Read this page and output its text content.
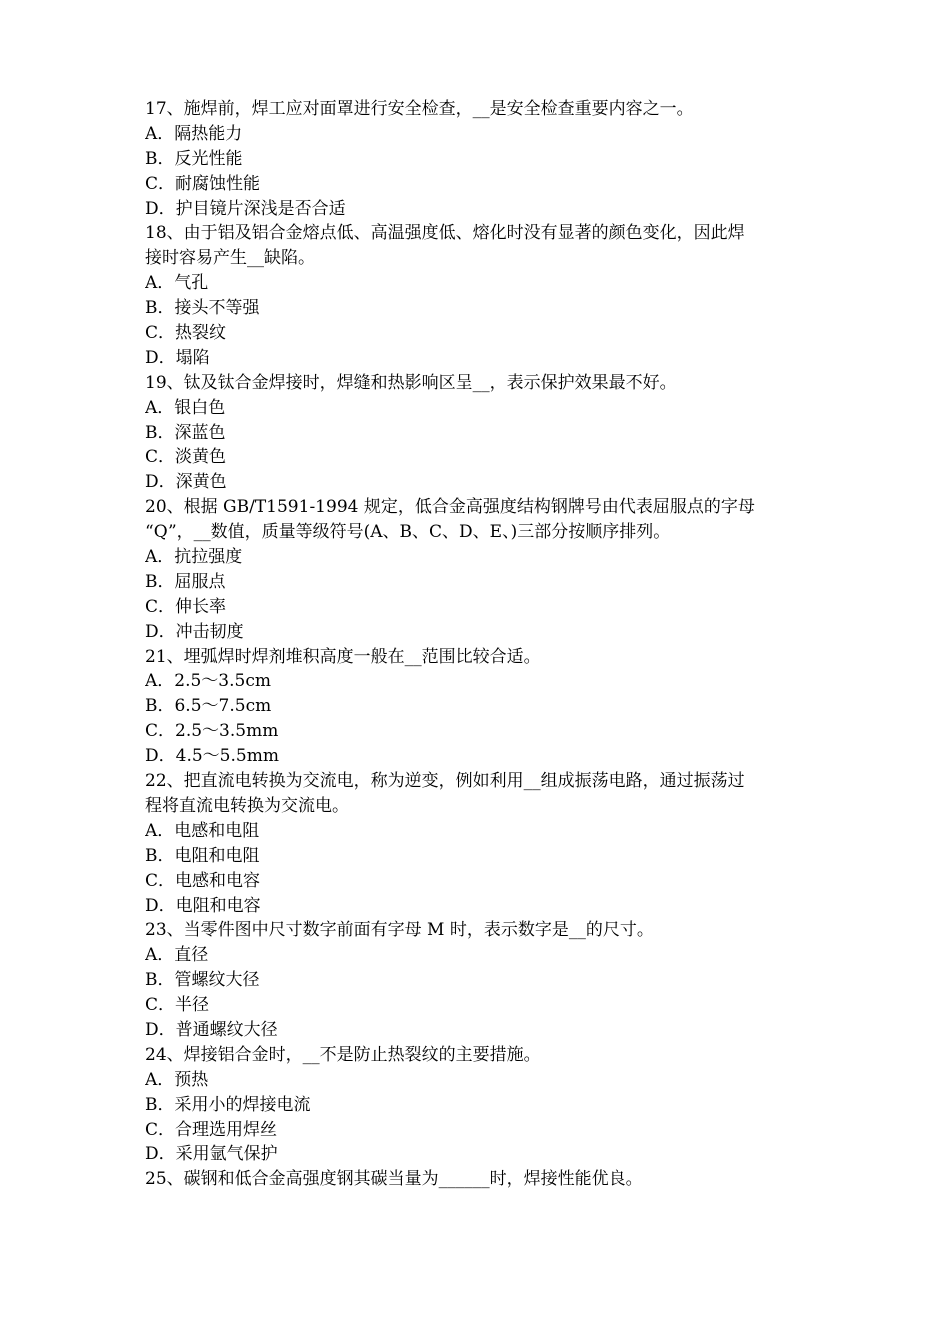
17、施焊前，焊工应对面罩进行安全检查，__是安全检查重要内容之一。
A．隔热能力
B．反光性能
C．耐腐蚀性能
D．护目镜片深浅是否合适
18、由于铝及铝合金熔点低、高温强度低、熔化时没有显著的颜色变化，因此焊
接时容易产生__缺陷。
A．气孔
B．接头不等强
C．热裂纹
D．塌陷
19、钛及钛合金焊接时，焊缝和热影响区呈__，表示保护效果最不好。
A．银白色
B．深蓝色
C．淡黄色
D．深黄色
20、根据 GB/T1591-1994 规定，低合金高强度结构钢牌号由代表屈服点的字母
“Q”，__数值，质量等级符号(A、B、C、D、E、)三部分按顺序排列。
A．抗拉强度
B．屈服点
C．伸长率
D．冲击韧度
21、埋弧焊时焊剂堆积高度一般在__范围比较合适。
A．2.5～3.5cm
B．6.5～7.5cm
C．2.5～3.5mm
D．4.5～5.5mm
22、把直流电转换为交流电，称为逆变，例如利用__组成振荡电路，通过振荡过
程将直流电转换为交流电。
A．电感和电阻
B．电阻和电阻
C．电感和电容
D．电阻和电容
23、当零件图中尺寸数字前面有字母 M 时，表示数字是__的尺寸。
A．直径
B．管螺纹大径
C．半径
D．普通螺纹大径
24、焊接铝合金时，__不是防止热裂纹的主要措施。
A．预热
B．采用小的焊接电流
C．合理选用焊丝
D．采用氩气保护
25、碳钢和低合金高强度钢其碳当量为______时，焊接性能优良。
